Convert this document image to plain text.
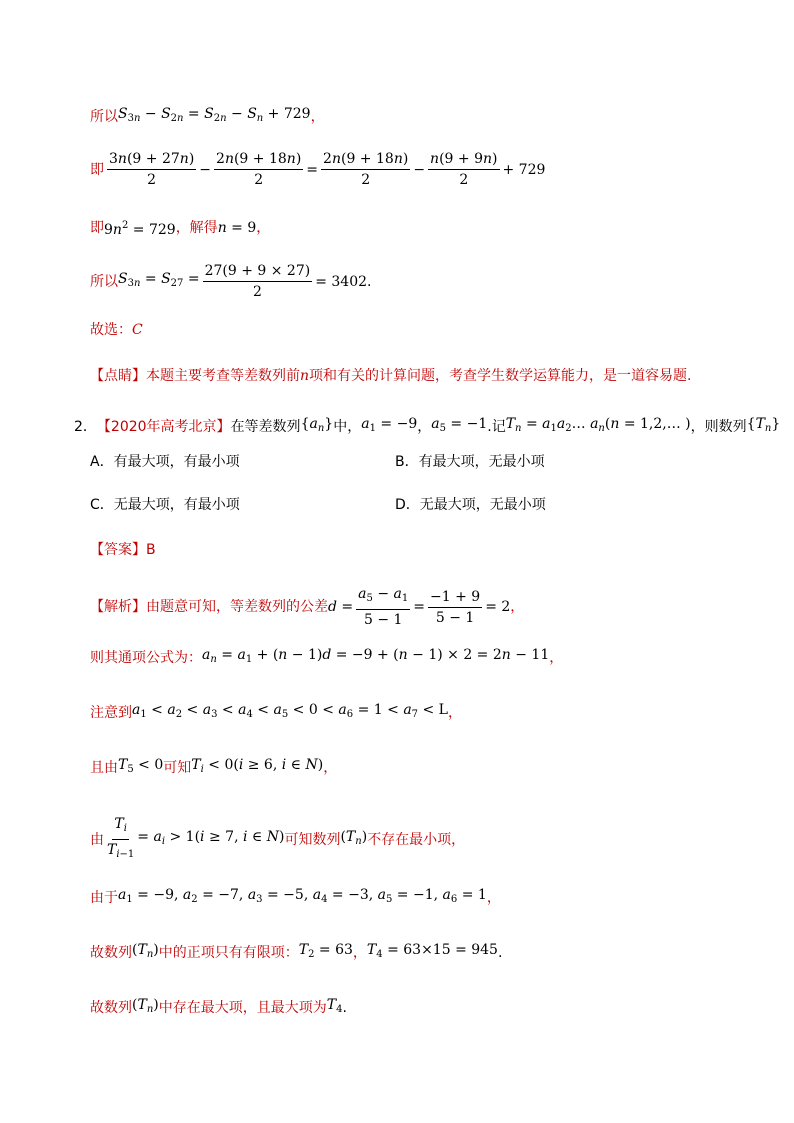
所以 $S_{3n} - S_{2n} = S_{2n} - S_n + 729$ ，
即 $\frac{3n(9 + 27n)}{2} - \frac{2n(9 + 18n)}{2} = \frac{2n(9 + 18n)}{2} - \frac{n(9 + 9n)}{2} + 729$
即 $9n^2 = 729$ ，解得 n = 9 ，
所以 $S_{3n} = S_{27} = \frac{27(9 + 9 \times 27)}{2} = 3402$ .
故选： C
【点睛】 本题主要考查等差数列前 n 项和有关的计算问题，考查学生数学运算能力，是一道容易题.
2． 【2020年高考北京】 在等差数列 $\{a_n\}$ 中， $a_1 = -9$ ， $a_5 = -1$ .记 $T_n$ = $a_1a_2\dots$ $a_n(n$ = 1,2,… ) ，则数列 $\{T_n\}$
A．有最大项，有最小项	B．有最大项，无最小项
C．无最大项，有最小项	D．无最大项，无最小项
【答案】 B
【解析】 由题意可知，等差数列的公差 $d = \frac{a_5 - a_1}{5 - 1} = \frac{-1 + 9}{5 - 1} = 2$ ，
则其通项公式为： $a_n = a_1 + (n - 1)d = -9 + (n - 1) \times 2 = 2n - 11$ ，
注意到 $a_1 < a_2 < a_3 < a_4 < a_5 < 0 < a_6 = 1 < a_7 < L$ ，
且由 $T_5 < 0$ 可知 $T_i < 0(i \ge 6$, i ∈ N) ，
由 $\frac{T_i}{T_{i-1}} = a_i > 1(i \ge 7$, i ∈ N) 可知数列 $(T_n)$ 不存在最小项，
由于 $a_1 = -9$, $a_2 = -7$, $a_3 = -5$, $a_4 = -3$, $a_5 = -1$, $a_6 = 1$ ，
故数列 $(T_n)$ 中的正项只有有限项： $T_2 = 63$ ， $T_4 = 63\times 15 = 945$ .
故数列 $(T_n)$ 中存在最大项，且最大项为 $T_4$ .
